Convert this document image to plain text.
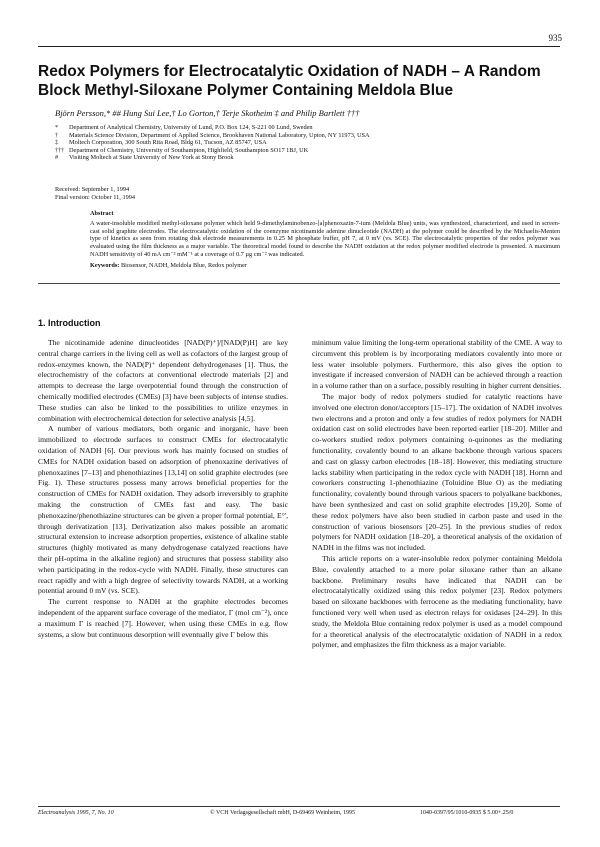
935
Redox Polymers for Electrocatalytic Oxidation of NADH – A Random Block Methyl-Siloxane Polymer Containing Meldola Blue
Björn Persson,* ## Hung Sui Lee,† Lo Gorton,† Terje Skotheim ‡ and Philip Bartlett †††
*	Department of Analytical Chemistry, University of Lund, P.O. Box 124, S-221 00 Lund, Sweden
†	Materials Science Division, Department of Applied Science, Brookhaven National Laboratory, Upton, NY 11973, USA
‡	Moltech Corporation, 300 South Rita Road, Bldg 61, Tucson, AZ 85747, USA
††† Department of Chemistry, University of Southampton, Highfield, Southampton SO17 1BJ, UK
#	Visiting Moltech at State University of New York at Stony Brook
Received: September 1, 1994
Final version: October 11, 1994
Abstract
A water-insoluble modified methyl-siloxane polymer which held 9-dimethylaminobenzo-[a]phenoxazin-7-ium (Meldola Blue) units, was synthesized, characterized, and used in screen-cast solid graphite electrodes. The electrocatalytic oxidation of the coenzyme nicotinamide adenine dinucleotide (NADH) at the polymer could be described by the Michaelis-Menten type of kinetics as seen from rotating disk electrode measurements in 0.25 M phosphate buffer, pH 7, at 0 mV (vs. SCE). The electrocatalytic properties of the redox polymer was evaluated using the film thickness as a major variable. The theoretical model found to describe the NADH oxidation at the redox polymer modified electrode is presented. A maximum NADH sensitivity of 40 mA cm⁻² mM⁻¹ at a coverage of 0.7 µg cm⁻² was indicated.
Keywords: Biosensor, NADH, Meldola Blue, Redox polymer
1. Introduction

The nicotinamide adenine dinucleotides [NAD(P)⁺]/[NAD(P)H] are key central charge carriers in the living cell as well as cofactors of the largest group of redox-enzymes known, the NAD(P)⁺ dependent dehydrogenases [1]. Thus, the electrochemistry of the cofactors at conventional electrode materials [2] and attempts to decrease the large overpotential found through the construction of chemically modified electrodes (CMEs) [3] have been subjects of intense studies. These studies can also be linked to the possibilities to utilize enzymes in combination with electrochemical detection for selective analysis [4,5].

A number of various mediators, both organic and inorganic, have been immobilized to electrode surfaces to construct CMEs for electrocatalytic oxidation of NADH [6]. Our previous work has mainly focused on studies of CMEs for NADH oxidation based on adsorption of phenoxazine derivatives of phenoxazines [7–13] and phenothiazines [13,14] on solid graphite electrodes (see Fig. 1). These structures possess many arrows beneficial properties for the construction of CMEs for NADH oxidation. They adsorb irreversibly to graphite making the construction of CMEs fast and easy. The basic phenoxazine/phenothiazine structures can be given a proper formal potential, E°', through derivatization [13]. Derivatization also makes possible an aromatic structural extension to increase adsorption properties, existence of alkaline stable structures (highly motivated as many dehydrogenase catalyzed reactions have their pH-optima in the alkaline region) and structures that possess stability also when participating in the redox-cycle with NADH. Finally, these structures can react rapidly and with a high degree of selectivity towards NADH, at a working potential around 0 mV (vs. SCE).

The current response to NADH at the graphite electrodes becomes independent of the apparent surface coverage of the mediator, Γ (mol cm⁻²), once a maximum Γ is reached [7]. However, when using these CMEs in e.g. flow systems, a slow but continuous desorption will eventually give Γ below this

minimum value limiting the long-term operational stability of the CME. A way to circumvent this problem is by incorporating mediators covalently into more or less water insoluble polymers. Furthermore, this also gives the option to investigate if increased conversion of NADH can be achieved through a reaction in a volume rather than on a surface, possibly resulting in higher current densities.

The major body of redox polymers studied for catalytic reactions have involved one electron donor/acceptors [15–17]. The oxidation of NADH involves two electrons and a proton and only a few studies of redox polymers for NADH oxidation cast on solid electrodes have been reported earlier [18–20]. Miller and co-workers studied redox polymers containing o-quinones as the mediating functionality, covalently bound to an alkane backbone through various spacers and cast on glassy carbon electrodes [18–18]. However, this mediating structure lacks stability when participating in the redox cycle with NADH [18]. Hornn and coworkers constructing 1-phenothiazine (Toluidine Blue O) as the mediating functionality, covalently bound through various spacers to polyalkane backbones, have been synthesized and cast on solid graphite electrodes [19,20]. Some of these redox polymers have also been studied in carbon paste and used in the construction of various biosensors [20–25]. In the previous studies of redox polymers for NADH oxidation [18–20], a theoretical analysis of the oxidation of NADH in the films was not included.

This article reports on a water-insoluble redox polymer containing Meldola Blue, covalently attached to a more polar siloxane rather than an alkane backbone. Preliminary results have indicated that NADH can be electrocatalytically oxidized using this redox polymer [23]. Redox polymers based on siloxane backbones with ferrocene as the mediating functionality, have functioned very well when used as electron relays for oxidases [24–29]. In this study, the Meldola Blue containing redox polymer is used as a model compound for a theoretical analysis of the electrocatalytic oxidation of NADH in a redox polymer, and emphasizes the film thickness as a major variable.

Electroanalysis 1995, 7, No. 10	© VCH Verlagsgesellschaft mbH, D-69469 Weinheim, 1995	1040-0397/95/1010-0935 $ 5.00+.25/0
